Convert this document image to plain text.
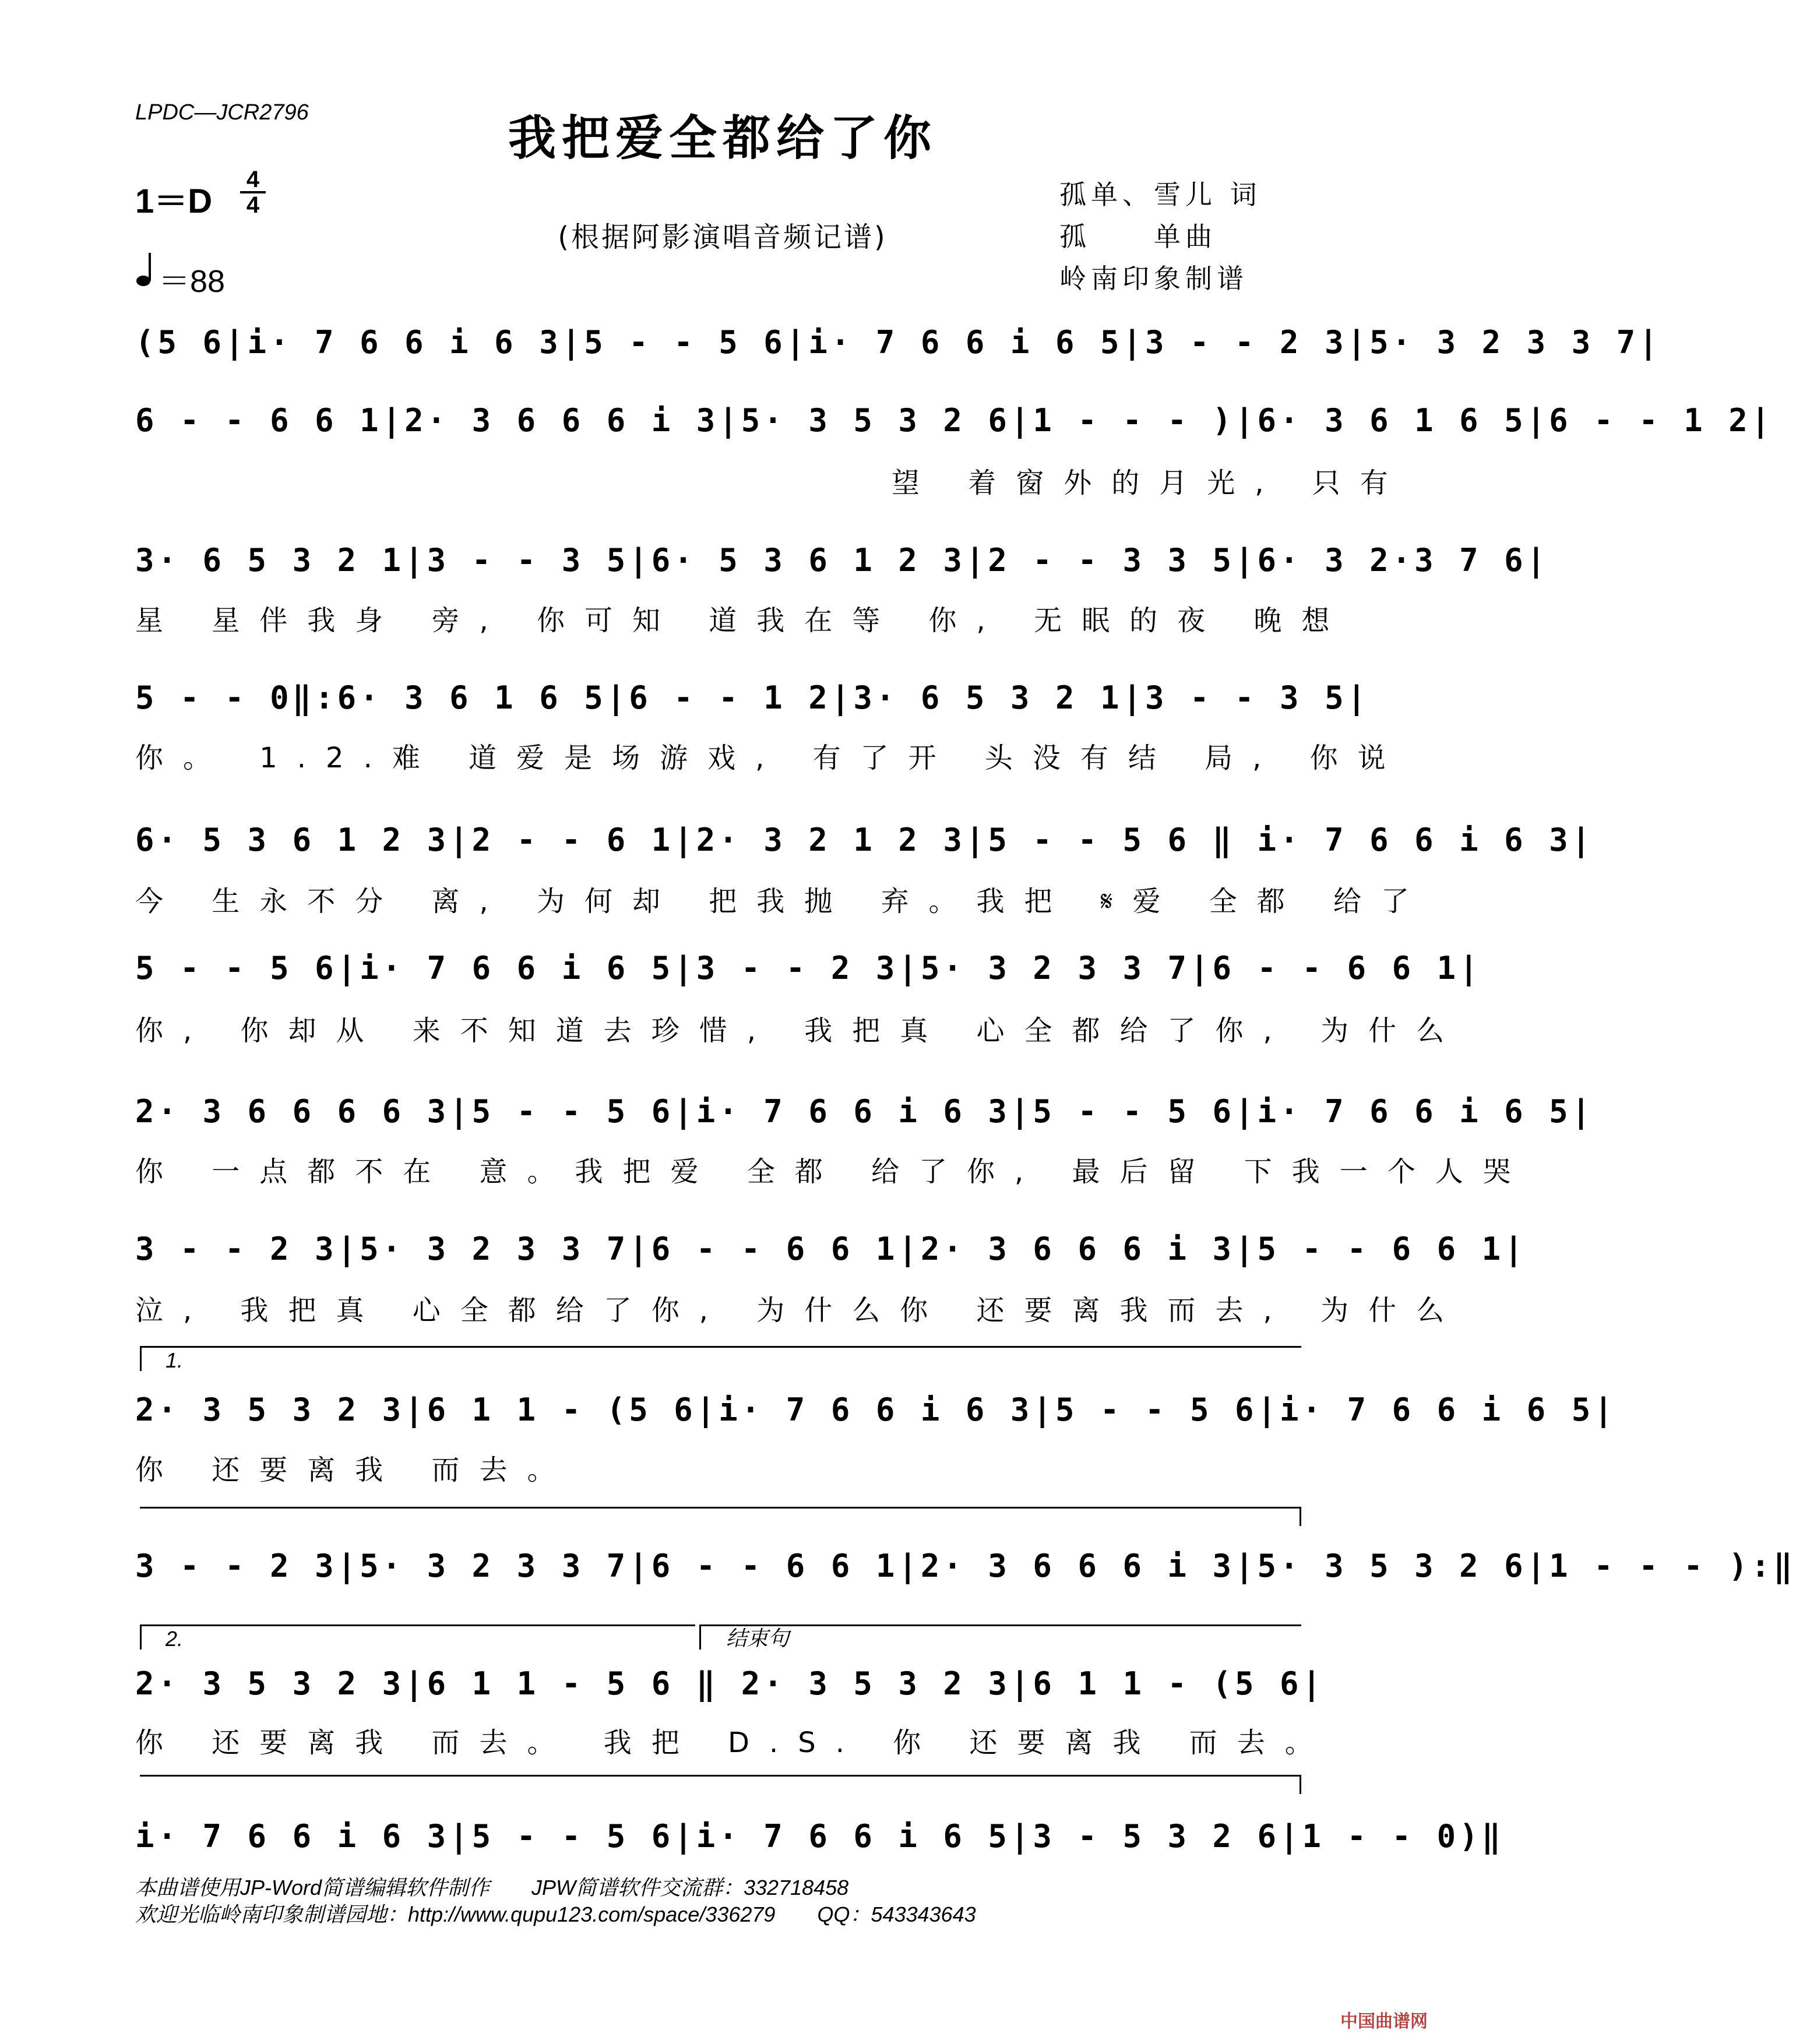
LPDC—JCR2796	我把爱全都给了你
1＝D
4
4
＝88
(根据阿影演唱音频记谱)
孤单、雪儿 词
孤　　单曲
岭南印象制谱
(5 6|i· 7 6 6 i 6 3|5 - - 5 6|i· 7 6 6 i 6 5|3 - - 2 3|5· 3 2 3 3 7|
6 - - 6 6 1|2· 3 6 6 6 i 3|5· 3 5 3 2 6|1 - - - )|6· 3 6 1 6 5|6 - - 1 2|
望 着窗外的月光, 只有
3· 6 5 3 2 1|3 - - 3 5|6· 5 3 6 1 2 3|2 - - 3 3 5|6· 3 2·3 7 6|
星 星伴我身 旁, 你可知 道我在等 你, 无眠的夜 晚想
5 - - 0‖:6· 3 6 1 6 5|6 - - 1 2|3· 6 5 3 2 1|3 - - 3 5|
你。 1.2.难 道爱是场游戏, 有了开 头没有结 局, 你说
6· 5 3 6 1 2 3|2 - - 6 1|2· 3 2 1 2 3|5 - - 5 6 ‖ i· 7 6 6 i 6 3|
今 生永不分 离, 为何却 把我抛 弃。我把 𝄋爱 全都 给了
5 - - 5 6|i· 7 6 6 i 6 5|3 - - 2 3|5· 3 2 3 3 7|6 - - 6 6 1|
你, 你却从 来不知道去珍惜, 我把真 心全都给了你, 为什么
2· 3 6 6 6 6 3|5 - - 5 6|i· 7 6 6 i 6 3|5 - - 5 6|i· 7 6 6 i 6 5|
你 一点都不在 意。我把爱 全都 给了你, 最后留 下我一个人哭
3 - - 2 3|5· 3 2 3 3 7|6 - - 6 6 1|2· 3 6 6 6 i 3|5 - - 6 6 1|
泣, 我把真 心全都给了你, 为什么你 还要离我而去, 为什么
1.
2· 3 5 3 2 3|6 1 1 - (5 6|i· 7 6 6 i 6 3|5 - - 5 6|i· 7 6 6 i 6 5|
你 还要离我 而去。
3 - - 2 3|5· 3 2 3 3 7|6 - - 6 6 1|2· 3 6 6 6 i 3|5· 3 5 3 2 6|1 - - - ):‖
2.	结束句
2· 3 5 3 2 3|6 1 1 - 5 6 ‖ 2· 3 5 3 2 3|6 1 1 - (5 6|
你 还要离我 而去。 我把 D.S. 你 还要离我 而去。
i· 7 6 6 i 6 3|5 - - 5 6|i· 7 6 6 i 6 5|3 - 5 3 2 6|1 - - 0)‖
本曲谱使用JP-Word简谱编辑软件制作　　JPW简谱软件交流群：332718458
欢迎光临岭南印象制谱园地：http://www.qupu123.com/space/336279　　QQ：543343643
中国曲谱网
